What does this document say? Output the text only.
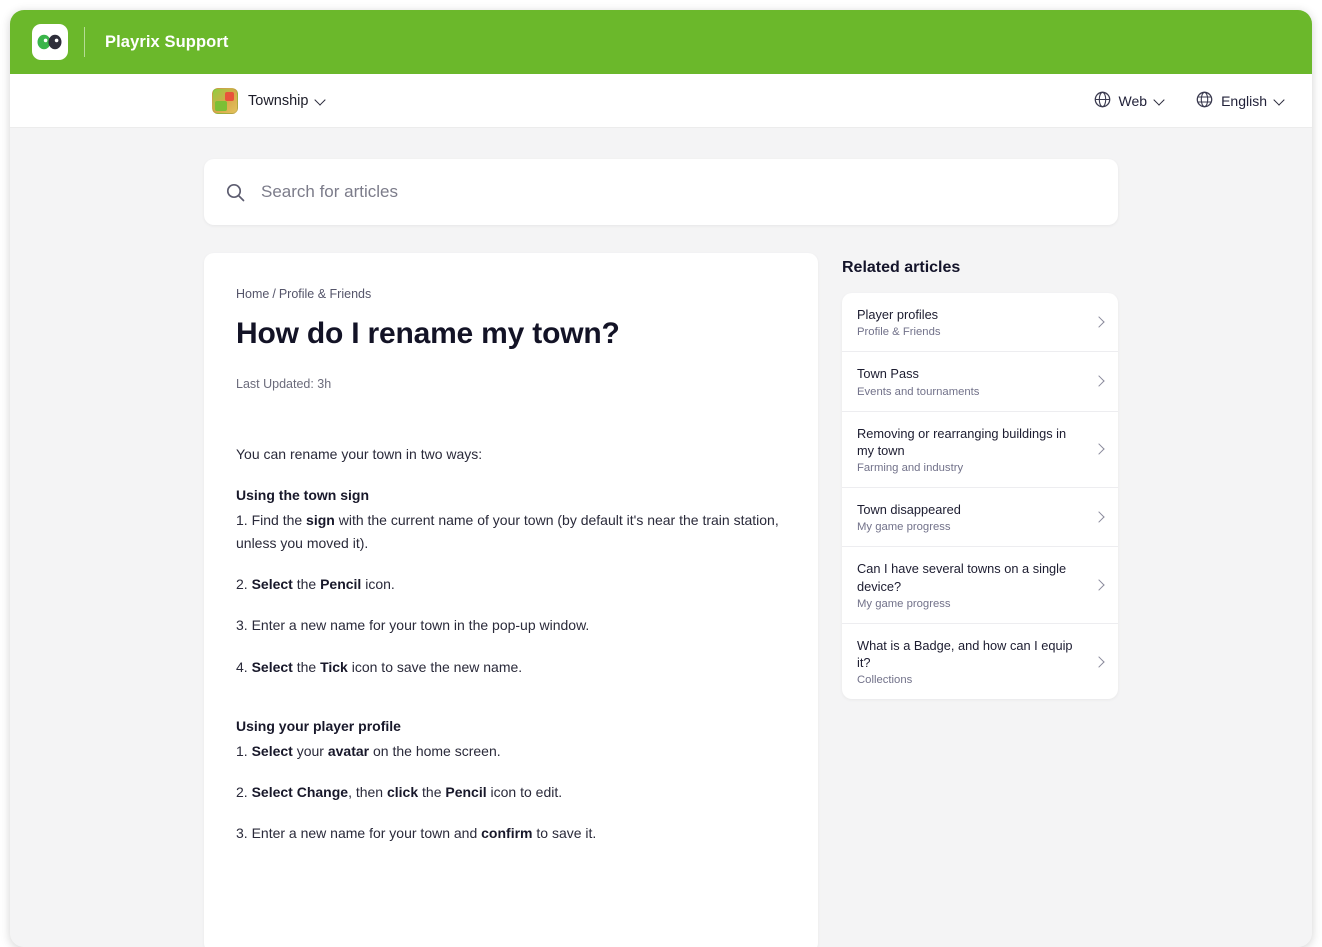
Playrix Support
Township	Web	English
Search for articles
Home / Profile & Friends
How do I rename my town?
Last Updated: 3h

You can rename your town in two ways:

Using the town sign

1. Find the sign with the current name of your town (by default it's near the train station, unless you moved it).

2. Select the Pencil icon.

3. Enter a new name for your town in the pop-up window.

4. Select the Tick icon to save the new name.

Using your player profile

1. Select your avatar on the home screen.

2. Select Change, then click the Pencil icon to edit.

3. Enter a new name for your town and confirm to save it.

Related articles
Player profiles
Profile & Friends
Town Pass
Events and tournaments
Removing or rearranging buildings in my town
Farming and industry
Town disappeared
My game progress
Can I have several towns on a single device?
My game progress
What is a Badge, and how can I equip it?
Collections
